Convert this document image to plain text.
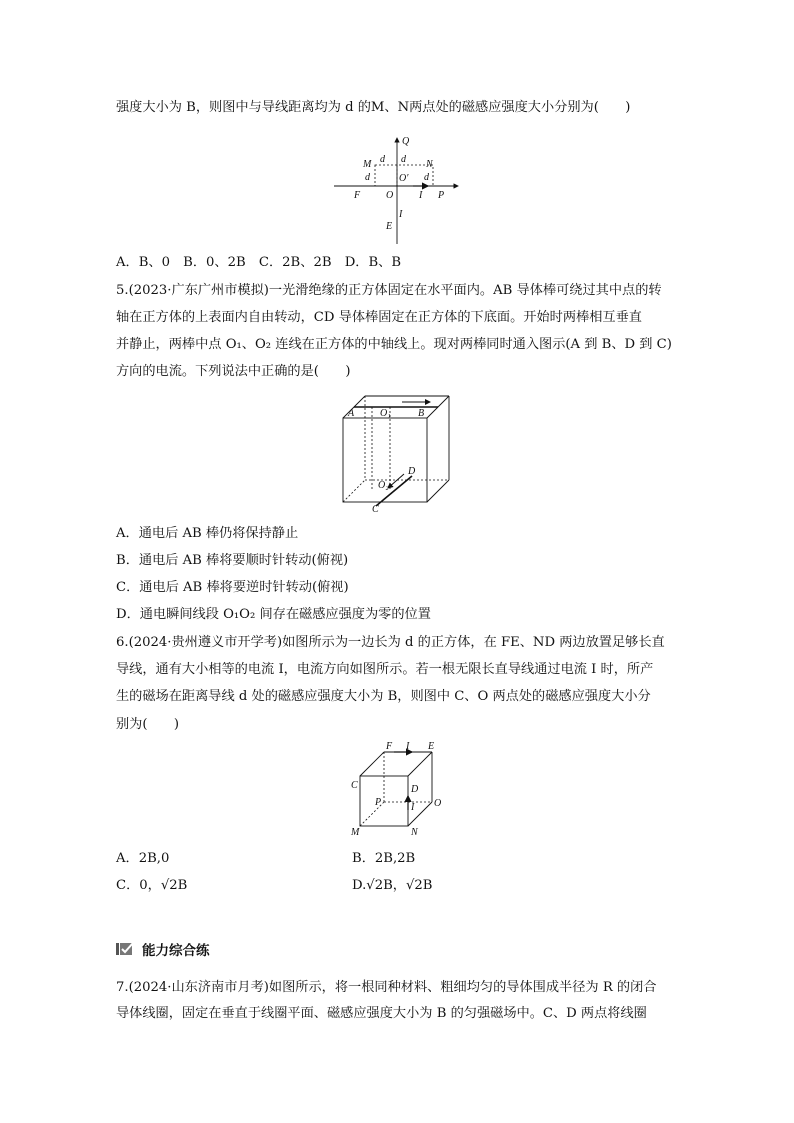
强度大小为 B，则图中与导线距离均为 d 的M、N两点处的磁感应强度大小分别为(　　)
Q
M	N
d d
d	d
O′
F	O	I P
I
E
A．B、0　B．0、2B　C．2B、2B　D．B、B
5.(2023·广东广州市模拟)一光滑绝缘的正方体固定在水平面内。AB 导体棒可绕过其中点的转
轴在正方体的上表面内自由转动，CD 导体棒固定在正方体的下底面。开始时两棒相互垂直
并静止，两棒中点 O₁、O₂ 连线在正方体的中轴线上。现对两棒同时通入图示(A 到 B、D 到 C)
方向的电流。下列说法中正确的是(　　)
A	O₁	B
D
O₂
C
A．通电后 AB 棒仍将保持静止
B．通电后 AB 棒将要顺时针转动(俯视)
C．通电后 AB 棒将要逆时针转动(俯视)
D．通电瞬间线段 O₁O₂ 间存在磁感应强度为零的位置
6.(2024·贵州遵义市开学考)如图所示为一边长为 d 的正方体，在 FE、ND 两边放置足够长直
导线，通有大小相等的电流 I，电流方向如图所示。若一根无限长直导线通过电流 I 时，所产
生的磁场在距离导线 d 处的磁感应强度大小为 B，则图中 C、O 两点处的磁感应强度大小分
别为(　　)
F I E
C	D
P	O
I
M	N
A．2B,0	B．2B,2B
C．0，√2B	D.√2B，√2B
能力综合练
7.(2024·山东济南市月考)如图所示，将一根同种材料、粗细均匀的导体围成半径为 R 的闭合
导体线圈，固定在垂直于线圈平面、磁感应强度大小为 B 的匀强磁场中。C、D 两点将线圈
